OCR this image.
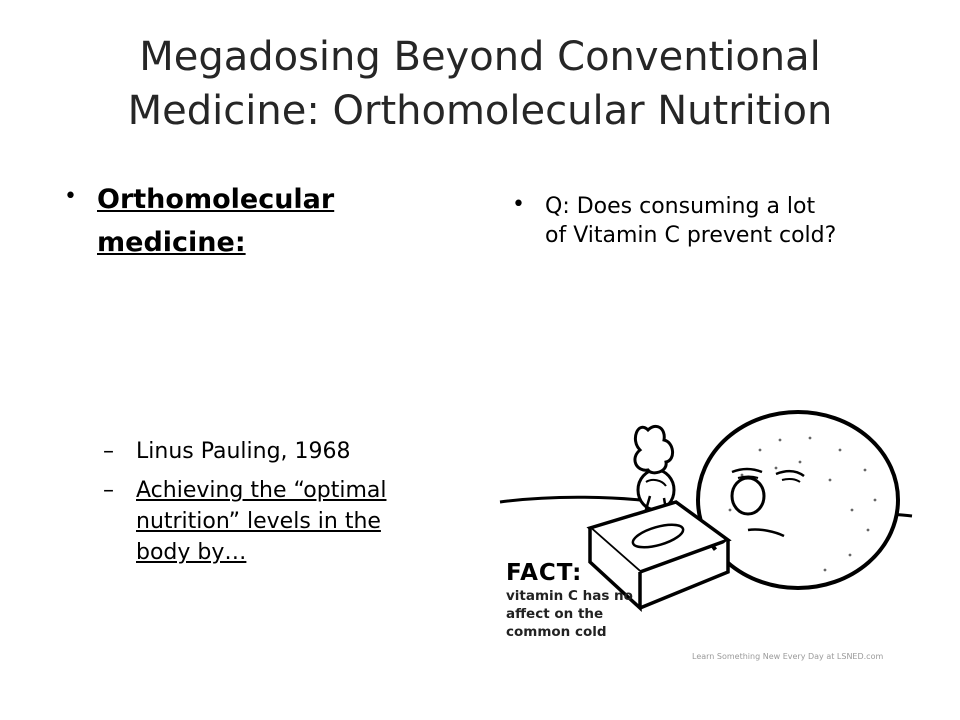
Megadosing Beyond Conventional
Medicine: Orthomolecular Nutrition
• Orthomolecular
medicine:
– Linus Pauling, 1968
– Achieving the “optimal
nutrition” levels in the
body by…
• Q: Does consuming a lot
of Vitamin C prevent cold?
FACT:
vitamin C has no
affect on the
common cold
Learn Something New Every Day at LSNED.com
